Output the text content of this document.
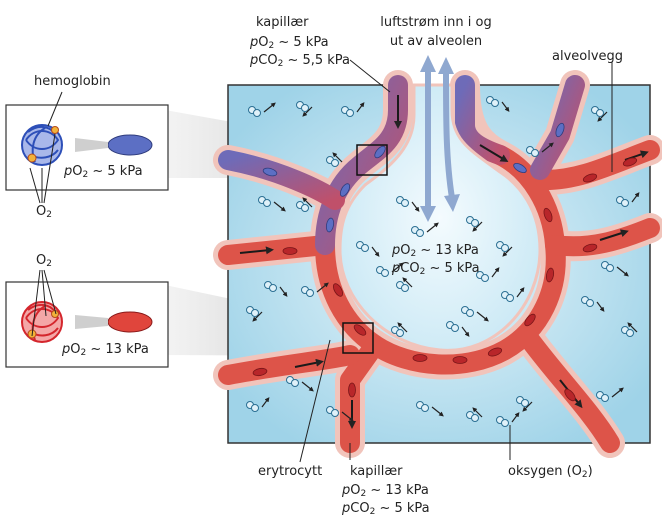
kapillær
$pO_2$ ~ 5 kPa
pCO$_2$ ~ 5,5 kPa
luftstrøm inn i og
ut av alveolen
alveolvegg
hemoglobin
$pO_2$ ~ 5 kPa
$O_2$
$O_2$
$pO_2$ ~ 13 kPa
$pO_2$ ~ 13 kPa
pCO$_2$ ~ 5 kPa
erytrocytt kapillær
$pO_2$ ~ 13 kPa
pCO$_2$ ~ 5 kPa
oksygen $(O_2)$
